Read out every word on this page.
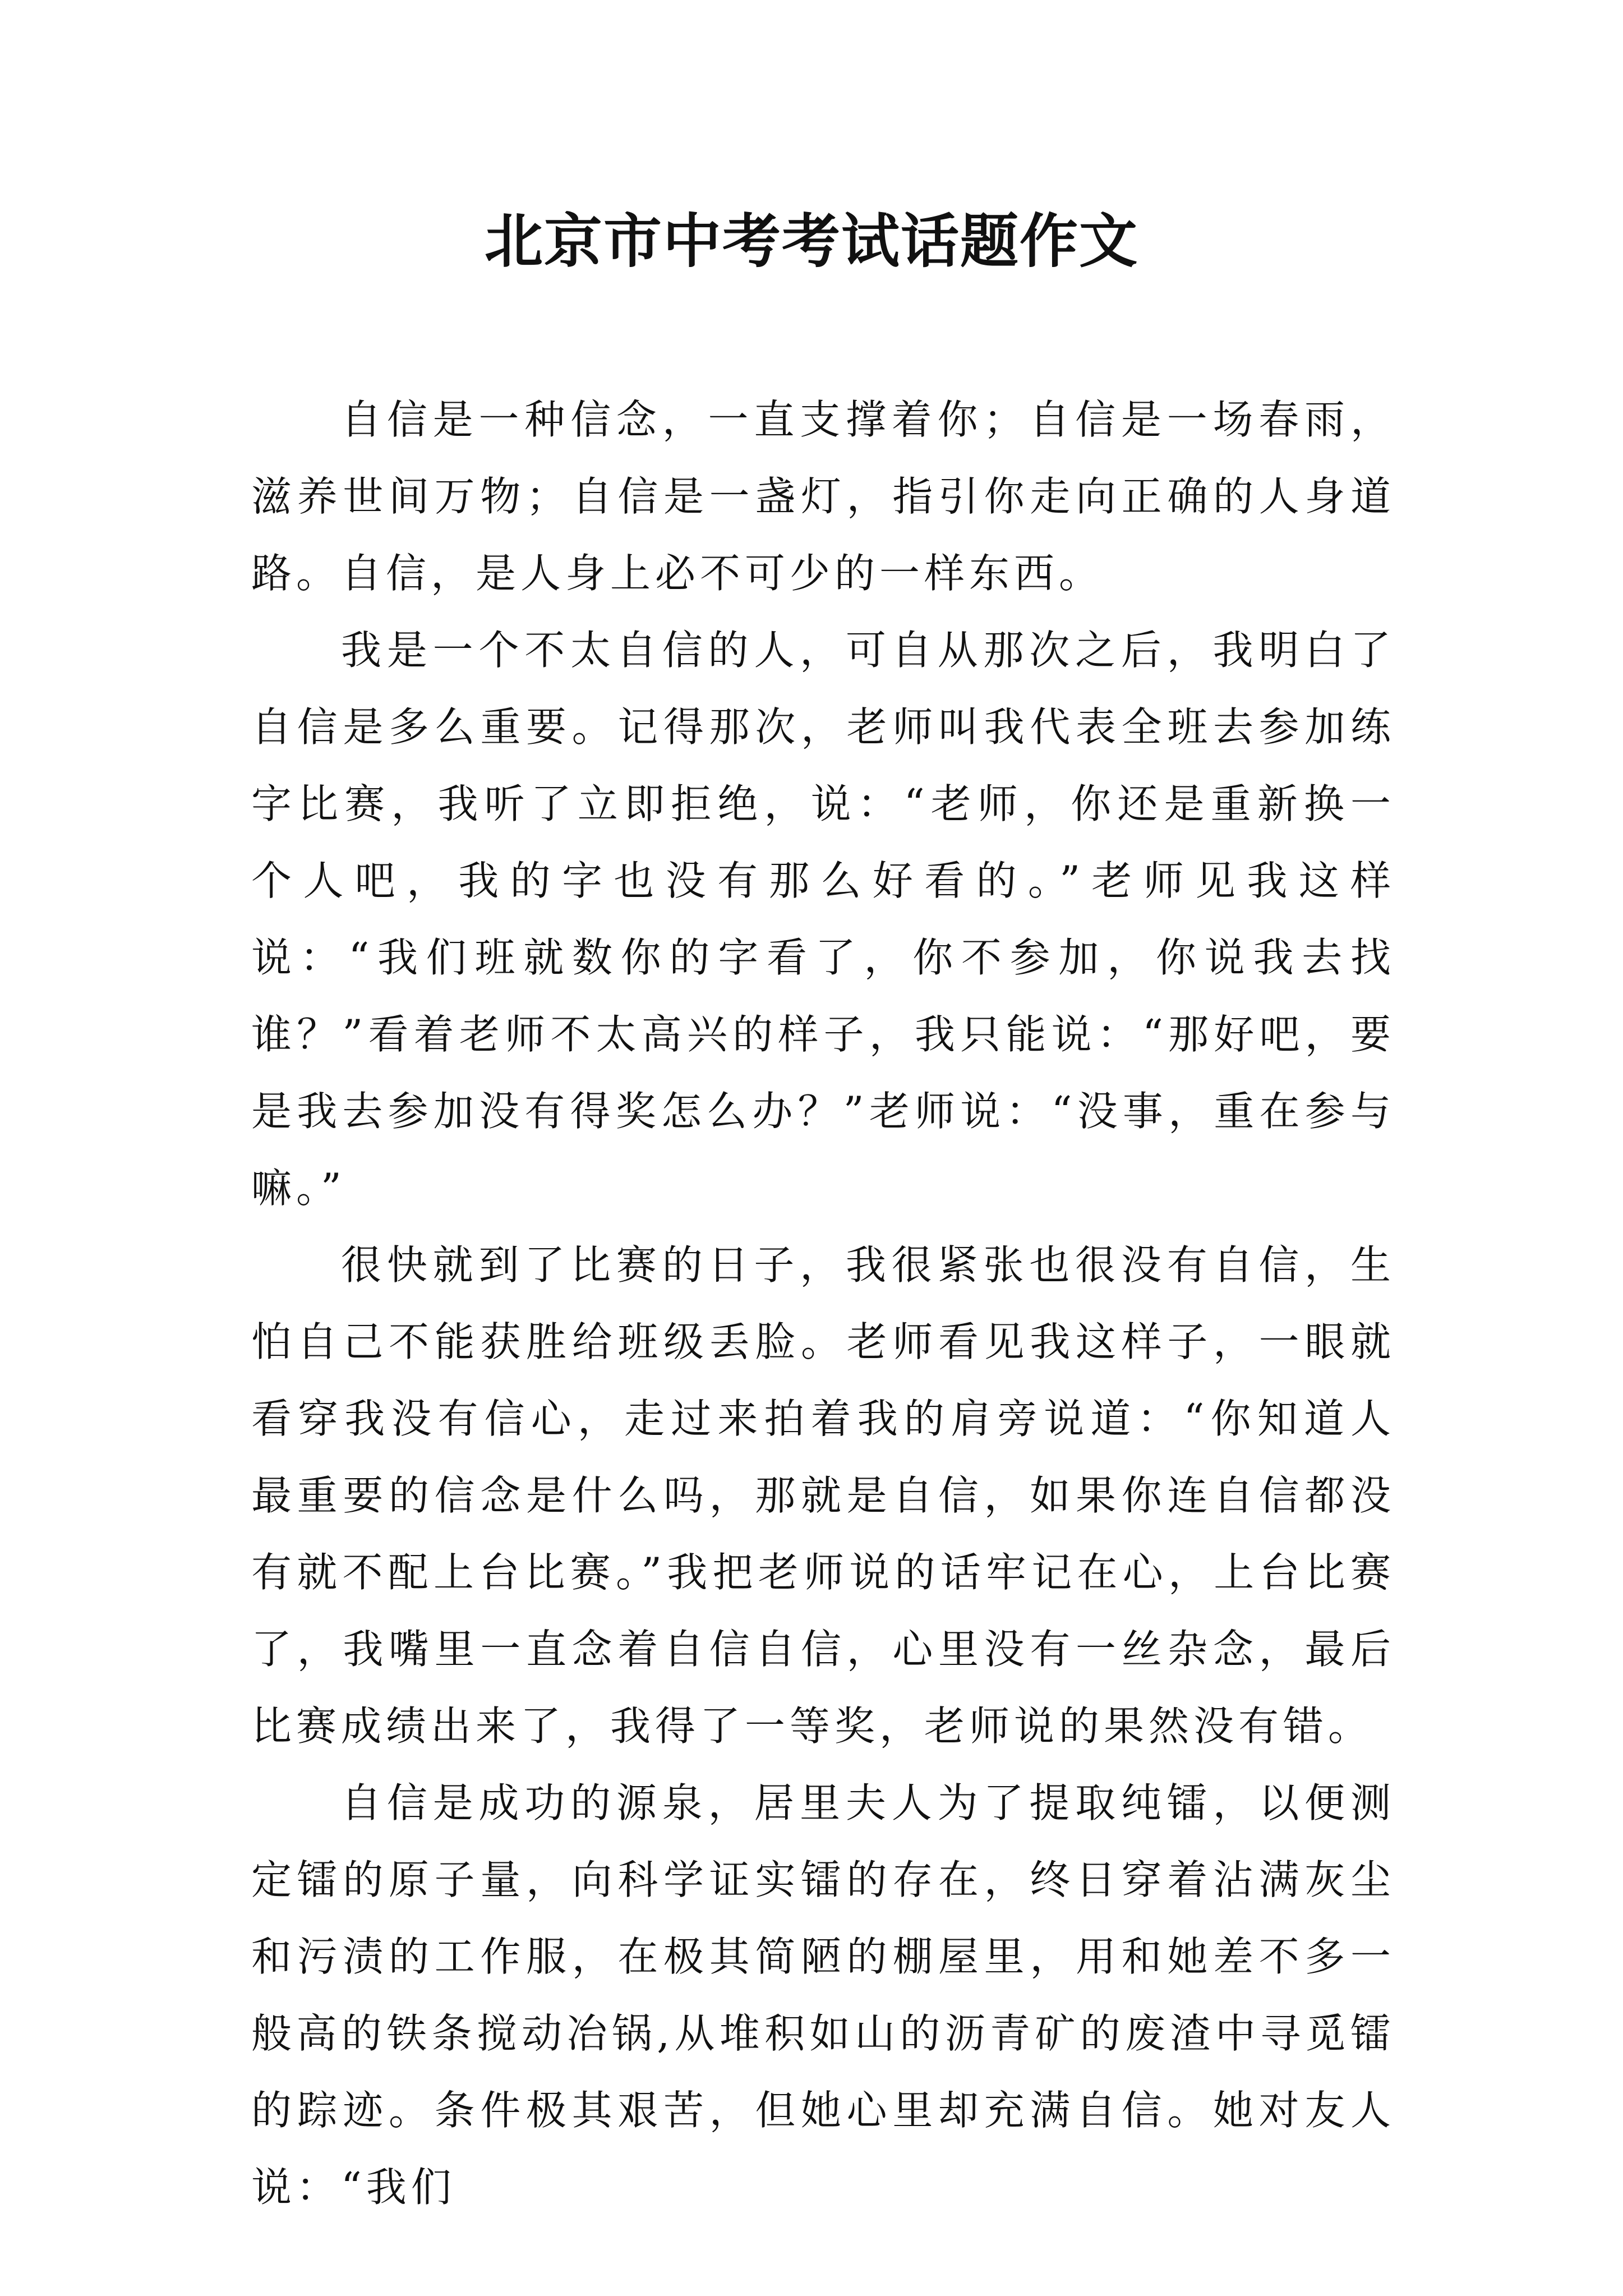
北京市中考考试话题作文

自信是一种信念，一直支撑着你；自信是一场春雨，滋养世间万物；自信是一盏灯，指引你走向正确的人身道路。自信，是人身上必不可少的一样东西。

我是一个不太自信的人，可自从那次之后，我明白了自信是多么重要。记得那次，老师叫我代表全班去参加练字比赛，我听了立即拒绝，说：“老师，你还是重新换一个人吧，我的字也没有那么好看的。”老师见我这样说：“我们班就数你的字看了，你不参加，你说我去找谁？”看着老师不太高兴的样子，我只能说：“那好吧，要是我去参加没有得奖怎么办？”老师说：“没事，重在参与嘛。”

很快就到了比赛的日子，我很紧张也很没有自信，生怕自己不能获胜给班级丢脸。老师看见我这样子，一眼就看穿我没有信心，走过来拍着我的肩旁说道：“你知道人最重要的信念是什么吗，那就是自信，如果你连自信都没有就不配上台比赛。”我把老师说的话牢记在心，上台比赛了，我嘴里一直念着自信自信，心里没有一丝杂念，最后比赛成绩出来了，我得了一等奖，老师说的果然没有错。

自信是成功的源泉，居里夫人为了提取纯镭，以便测定镭的原子量，向科学证实镭的存在，终日穿着沾满灰尘和污渍的工作服，在极其简陋的棚屋里，用和她差不多一般高的铁条搅动冶锅,从堆积如山的沥青矿的废渣中寻觅镭的踪迹。条件极其艰苦，但她心里却充满自信。她对友人说：“我们
